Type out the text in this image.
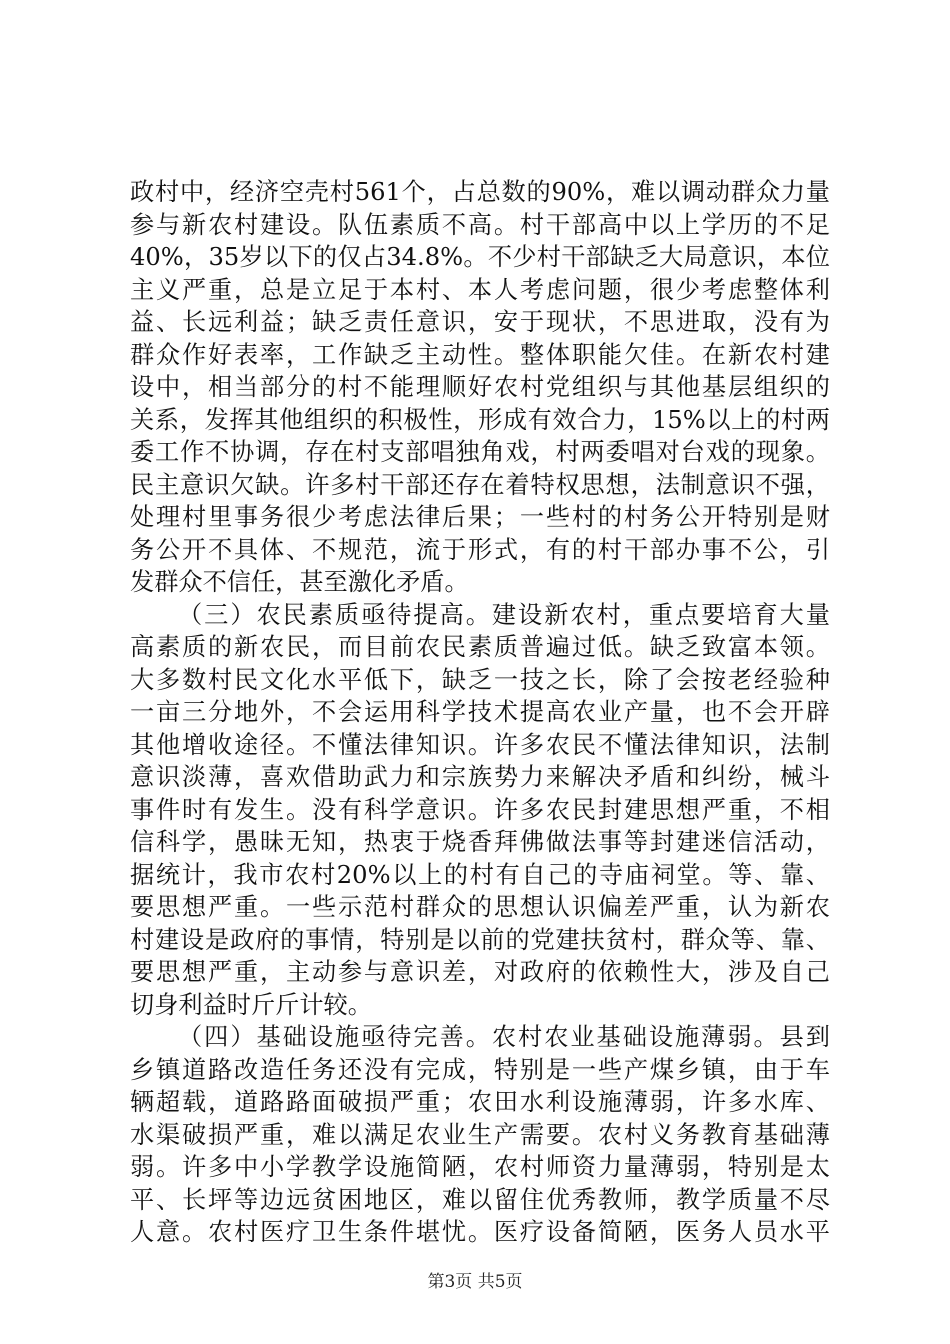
政村中，经济空壳村561个，占总数的90%，难以调动群众力量
参与新农村建设。队伍素质不高。村干部高中以上学历的不足
40%，35岁以下的仅占34.8%。不少村干部缺乏大局意识，本位
主义严重，总是立足于本村、本人考虑问题，很少考虑整体利
益、长远利益；缺乏责任意识，安于现状，不思进取，没有为
群众作好表率，工作缺乏主动性。整体职能欠佳。在新农村建
设中，相当部分的村不能理顺好农村党组织与其他基层组织的
关系，发挥其他组织的积极性，形成有效合力，15%以上的村两
委工作不协调，存在村支部唱独角戏，村两委唱对台戏的现象。
民主意识欠缺。许多村干部还存在着特权思想，法制意识不强，
处理村里事务很少考虑法律后果；一些村的村务公开特别是财
务公开不具体、不规范，流于形式，有的村干部办事不公，引
发群众不信任，甚至激化矛盾。
（三）农民素质亟待提高。建设新农村，重点要培育大量
高素质的新农民，而目前农民素质普遍过低。缺乏致富本领。
大多数村民文化水平低下，缺乏一技之长，除了会按老经验种
一亩三分地外，不会运用科学技术提高农业产量，也不会开辟
其他增收途径。不懂法律知识。许多农民不懂法律知识，法制
意识淡薄，喜欢借助武力和宗族势力来解决矛盾和纠纷，械斗
事件时有发生。没有科学意识。许多农民封建思想严重，不相
信科学，愚昧无知，热衷于烧香拜佛做法事等封建迷信活动，
据统计，我市农村20%以上的村有自己的寺庙祠堂。等、靠、
要思想严重。一些示范村群众的思想认识偏差严重，认为新农
村建设是政府的事情，特别是以前的党建扶贫村，群众等、靠、
要思想严重，主动参与意识差，对政府的依赖性大，涉及自己
切身利益时斤斤计较。
（四）基础设施亟待完善。农村农业基础设施薄弱。县到
乡镇道路改造任务还没有完成，特别是一些产煤乡镇，由于车
辆超载，道路路面破损严重；农田水利设施薄弱，许多水库、
水渠破损严重，难以满足农业生产需要。农村义务教育基础薄
弱。许多中小学教学设施简陋，农村师资力量薄弱，特别是太
平、长坪等边远贫困地区，难以留住优秀教师，教学质量不尽
人意。农村医疗卫生条件堪忧。医疗设备简陋，医务人员水平
第3页 共5页
